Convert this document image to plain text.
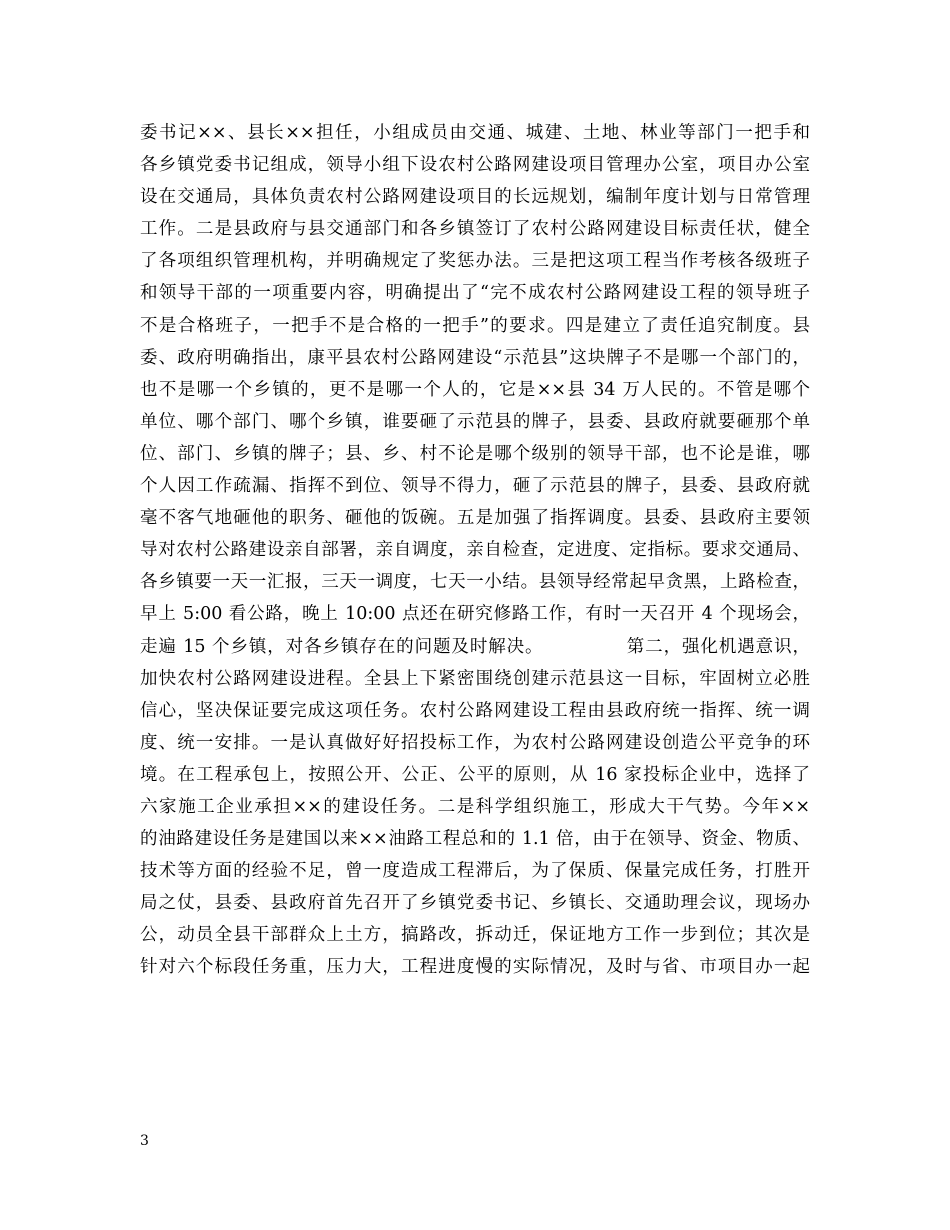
委书记××、县长××担任，小组成员由交通、城建、土地、林业等部门一把手和
各乡镇党委书记组成，领导小组下设农村公路网建设项目管理办公室，项目办公室
设在交通局，具体负责农村公路网建设项目的长远规划，编制年度计划与日常管理
工作。二是县政府与县交通部门和各乡镇签订了农村公路网建设目标责任状，健全
了各项组织管理机构，并明确规定了奖惩办法。三是把这项工程当作考核各级班子
和领导干部的一项重要内容，明确提出了“完不成农村公路网建设工程的领导班子
不是合格班子，一把手不是合格的一把手”的要求。四是建立了责任追究制度。县
委、政府明确指出，康平县农村公路网建设“示范县”这块牌子不是哪一个部门的，
也不是哪一个乡镇的，更不是哪一个人的，它是××县 34 万人民的。不管是哪个
单位、哪个部门、哪个乡镇，谁要砸了示范县的牌子，县委、县政府就要砸那个单
位、部门、乡镇的牌子；县、乡、村不论是哪个级别的领导干部，也不论是谁，哪
个人因工作疏漏、指挥不到位、领导不得力，砸了示范县的牌子，县委、县政府就
毫不客气地砸他的职务、砸他的饭碗。五是加强了指挥调度。县委、县政府主要领
导对农村公路建设亲自部署，亲自调度，亲自检查，定进度、定指标。要求交通局、
各乡镇要一天一汇报，三天一调度，七天一小结。县领导经常起早贪黑，上路检查，
早上 5:00 看公路，晚上 10:00 点还在研究修路工作，有时一天召开 4 个现场会，
走遍 15 个乡镇，对各乡镇存在的问题及时解决。　　　　　第二，强化机遇意识，
加快农村公路网建设进程。全县上下紧密围绕创建示范县这一目标，牢固树立必胜
信心，坚决保证要完成这项任务。农村公路网建设工程由县政府统一指挥、统一调
度、统一安排。一是认真做好好招投标工作，为农村公路网建设创造公平竞争的环
境。在工程承包上，按照公开、公正、公平的原则，从 16 家投标企业中，选择了
六家施工企业承担××的建设任务。二是科学组织施工，形成大干气势。今年××
的油路建设任务是建国以来××油路工程总和的 1.1 倍，由于在领导、资金、物质、
技术等方面的经验不足，曾一度造成工程滞后，为了保质、保量完成任务，打胜开
局之仗，县委、县政府首先召开了乡镇党委书记、乡镇长、交通助理会议，现场办
公，动员全县干部群众上土方，搞路改，拆动迁，保证地方工作一步到位；其次是
针对六个标段任务重，压力大，工程进度慢的实际情况，及时与省、市项目办一起
3
